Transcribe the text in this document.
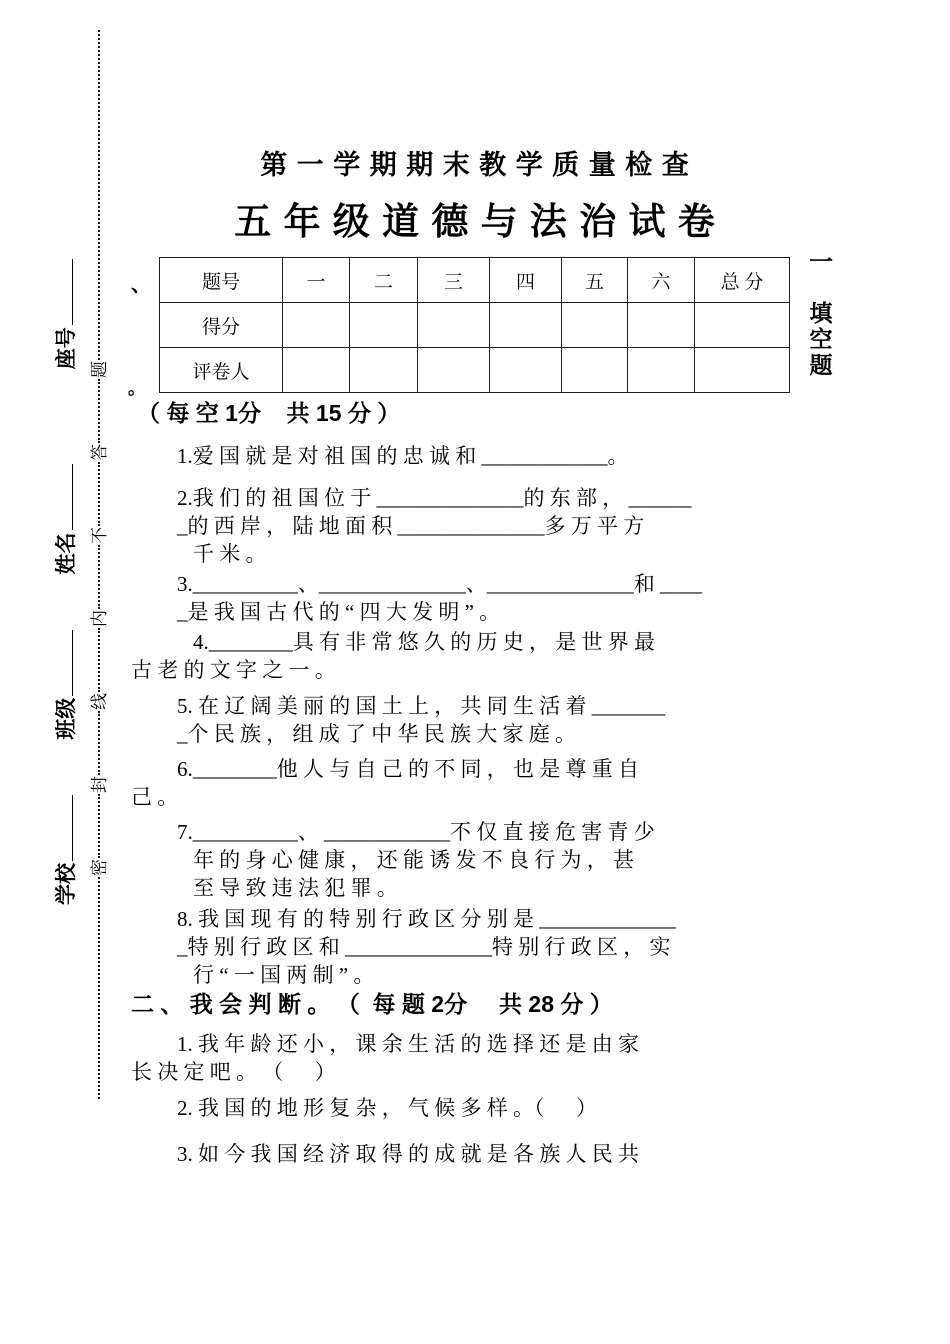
题
答
不
内
线
封
密
学校 班级 姓名 座号
第 一 学 期 期 末 教 学 质 量 检 查
五 年 级 道 德 与 法 治 试 卷
题号	一	二	三	四	五	六	总 分
得分							
评卷人							
、
。
一
填空题
（ 每 空 1分    共 15 分 ）
1.爱 国 就 是 对 祖 国 的 忠 诚 和 ____________。
2.我 们 的 祖 国 位 于 ______________的 东 部 ， ______
_的 西 岸 ， 陆 地 面 积 ______________多 万 平 方
千 米 。
3.__________、______________、______________和 ____
_是 我 国 古 代 的 “ 四 大 发 明 ” 。
4.________具 有 非 常 悠 久 的 历 史 ， 是 世 界 最
古 老 的 文 字 之 一 。
5. 在 辽 阔 美 丽 的 国 土 上 ， 共 同 生 活 着 _______
_个 民 族 ， 组 成 了 中 华 民 族 大 家 庭 。
6.________他 人 与 自 己 的 不 同 ， 也 是 尊 重 自
己 。
7.__________、 ____________不 仅 直 接 危 害 青 少
年 的 身 心 健 康 ， 还 能 诱 发 不 良 行 为 ， 甚
至 导 致 违 法 犯 罪 。
8. 我 国 现 有 的 特 别 行 政 区 分 别 是 _____________
_特 别 行 政 区 和 ______________特 别 行 政 区 ， 实
行 “ 一 国 两 制 ” 。
二 、 我 会 判 断 。 （  每 题 2分     共 28 分 ）
1. 我 年 龄 还 小 ， 课 余 生 活 的 选 择 还 是 由 家
长 决 定 吧 。 （      ）
2. 我 国 的 地 形 复 杂 ， 气 候 多 样 。（      ）
3. 如 今 我 国 经 济 取 得 的 成 就 是 各 族 人 民 共
